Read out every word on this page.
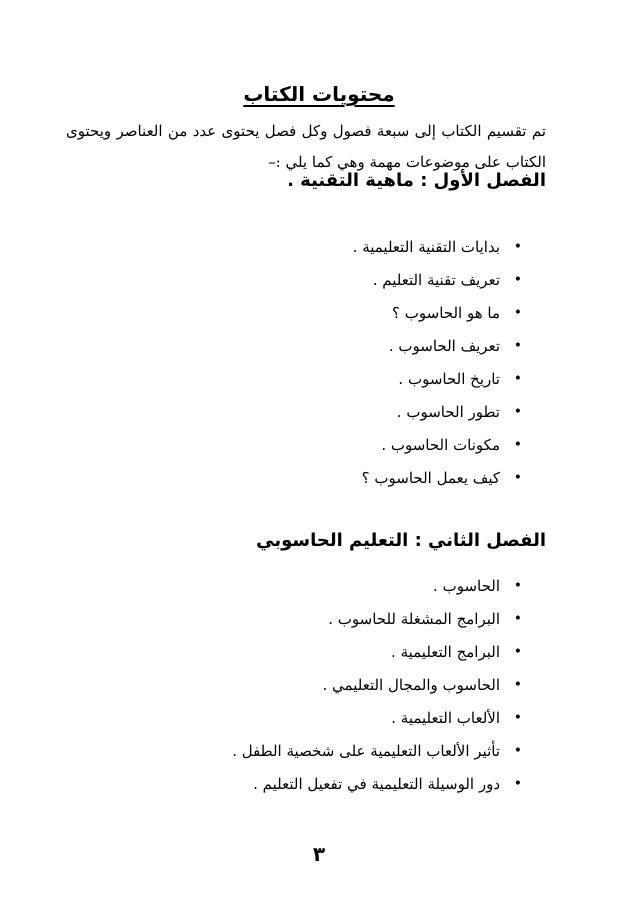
محتويات الكتاب
تم تقسيم الكتاب إلى سبعة فصول وكل فصل يحتوى عدد من العناصر ويحتوى الكتاب على موضوعات مهمة وهي كما يلي :–
الفصل الأول : ماهية التقنية .
•
بدايات التقنية التعليمية .
•
تعريف تقنية التعليم .
•
ما هو الحاسوب ؟
•
تعريف الحاسوب .
•
تاريخ الحاسوب .
•
تطور الحاسوب .
•
مكونات الحاسوب .
•
كيف يعمل الحاسوب ؟
الفصل الثاني : التعليم الحاسوبي
•
الحاسوب .
•
البرامج المشغلة للحاسوب .
•
البرامج التعليمية .
•
الحاسوب والمجال التعليمي .
•
الألعاب التعليمية .
•
تأثير الألعاب التعليمية على شخصية الطفل .
•
دور الوسيلة التعليمية في تفعيل التعليم .
٣
